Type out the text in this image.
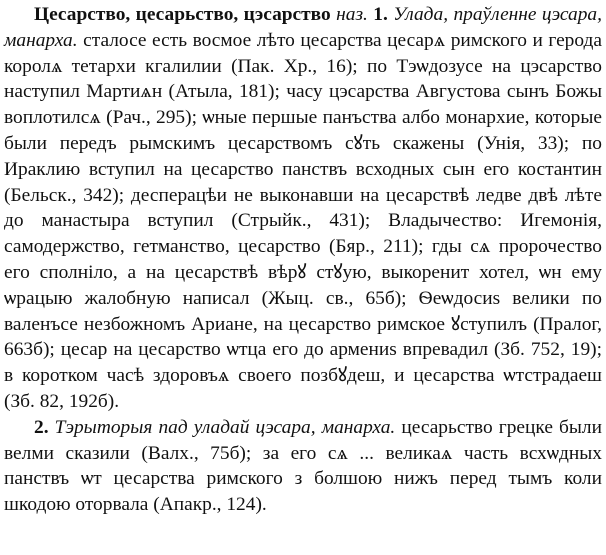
Цесарство, цесарьство, цэсарство наз. 1. Улада, праўленне цэсара, манарха. сталосе есть восмое лѣто цесарства цесарѧ римского и герода королѧ тетархи кгалилии (Пак. Хр., 16); по Тэѡдозусе на цэсарство наступил Мартиѧн (Атыла, 181); часу цэсарства Августова сынъ Божы воплотилсѧ (Рач., 295); ѡные першые панъства албо монархие, которые были передъ рымскимъ цесарствомъ сꙋть скажены (Унія, 33); по Ираклию вступил на цесарство панствъ всходных сын его костантин (Бельск., 342); десперацѣи не выконавши на цесарствѣ ледве двѣ лѣте до манастыра вступил (Стрыйк., 431); Владычество: Игемонія, самодержство, гетманство, цесарство (Бяр., 211); гды сѧ пророчество его сполніло, а на цесарствѣ вѣрꙋ стꙋую, выкоренит хотел, ѡн ему ѡрацыю жалобную написал (Жыц. св., 65б); Ѳеѡдосиѕ велики по валенъсе незбожномъ Ариане, на цесарство римское ꙋступилъ (Пралог, 663б); цесар на цесарство ѡтца его до армениѕ впревадил (Зб. 752, 19); в коротком часѣ здоровъѧ своего позбꙋдеш, и цесарства ѡтстрадаеш (Зб. 82, 192б).

2. Тэрыторыя пад уладай цэсара, манарха. цесарьство грецке были велми сказили (Валх., 75б); за его сѧ ... великаѧ часть всхѡдных панствъ ѡт цесарства римского з болшою нижъ перед тымъ коли шкодою оторвала (Апакр., 124).
